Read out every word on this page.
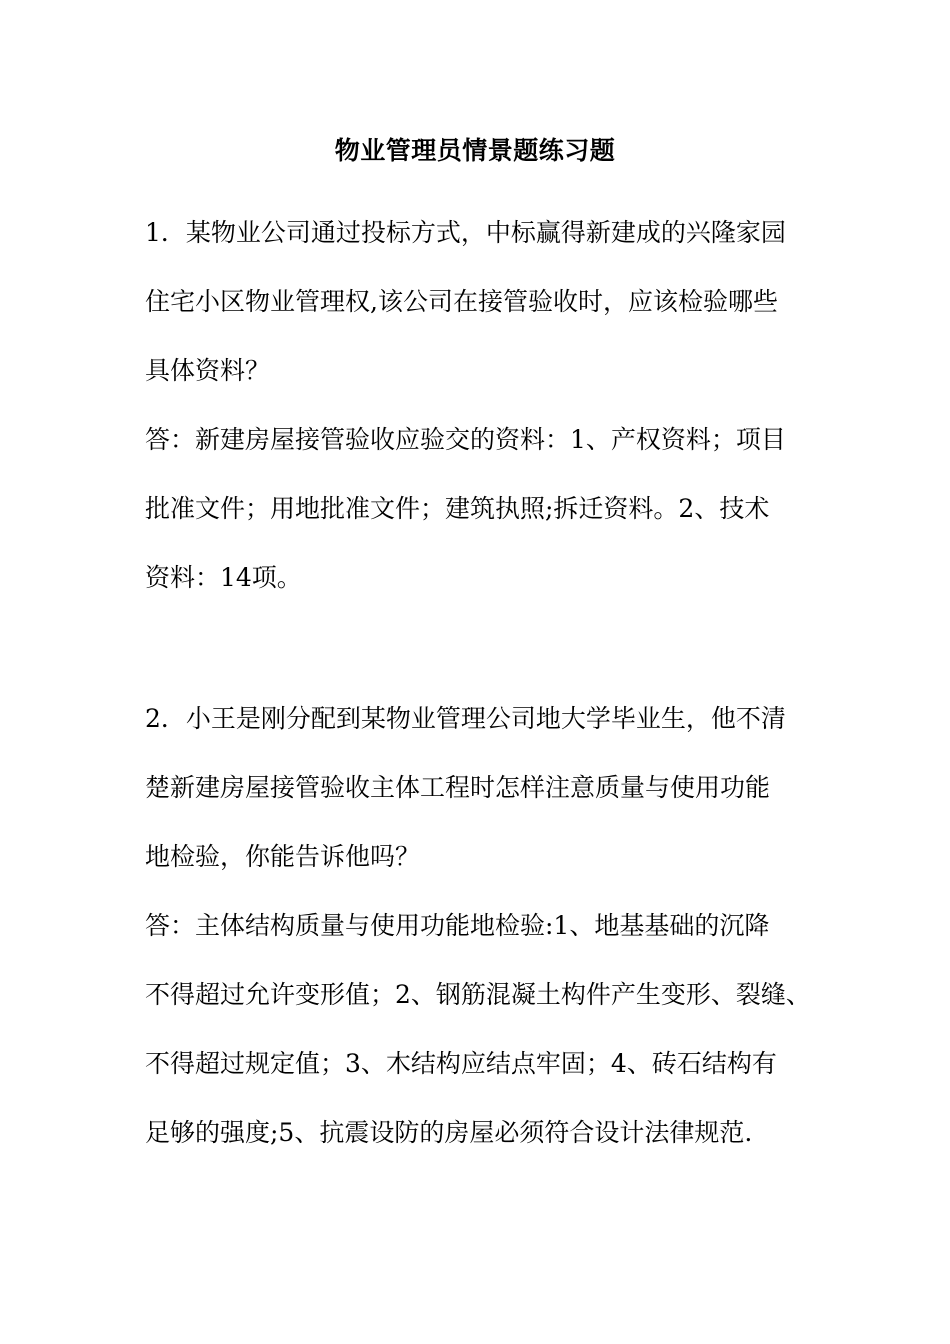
物业管理员情景题练习题
1．某物业公司通过投标方式，中标赢得新建成的兴隆家园
住宅小区物业管理权,该公司在接管验收时，应该检验哪些
具体资料？
答：新建房屋接管验收应验交的资料：1、产权资料；项目
批准文件；用地批准文件；建筑执照;拆迁资料。2、技术
资料：14项。
2．小王是刚分配到某物业管理公司地大学毕业生，他不清
楚新建房屋接管验收主体工程时怎样注意质量与使用功能
地检验，你能告诉他吗？
答：主体结构质量与使用功能地检验:1、地基基础的沉降
不得超过允许变形值；2、钢筋混凝土构件产生变形、裂缝、
不得超过规定值；3、木结构应结点牢固；4、砖石结构有
足够的强度;5、抗震设防的房屋必须符合设计法律规范.
